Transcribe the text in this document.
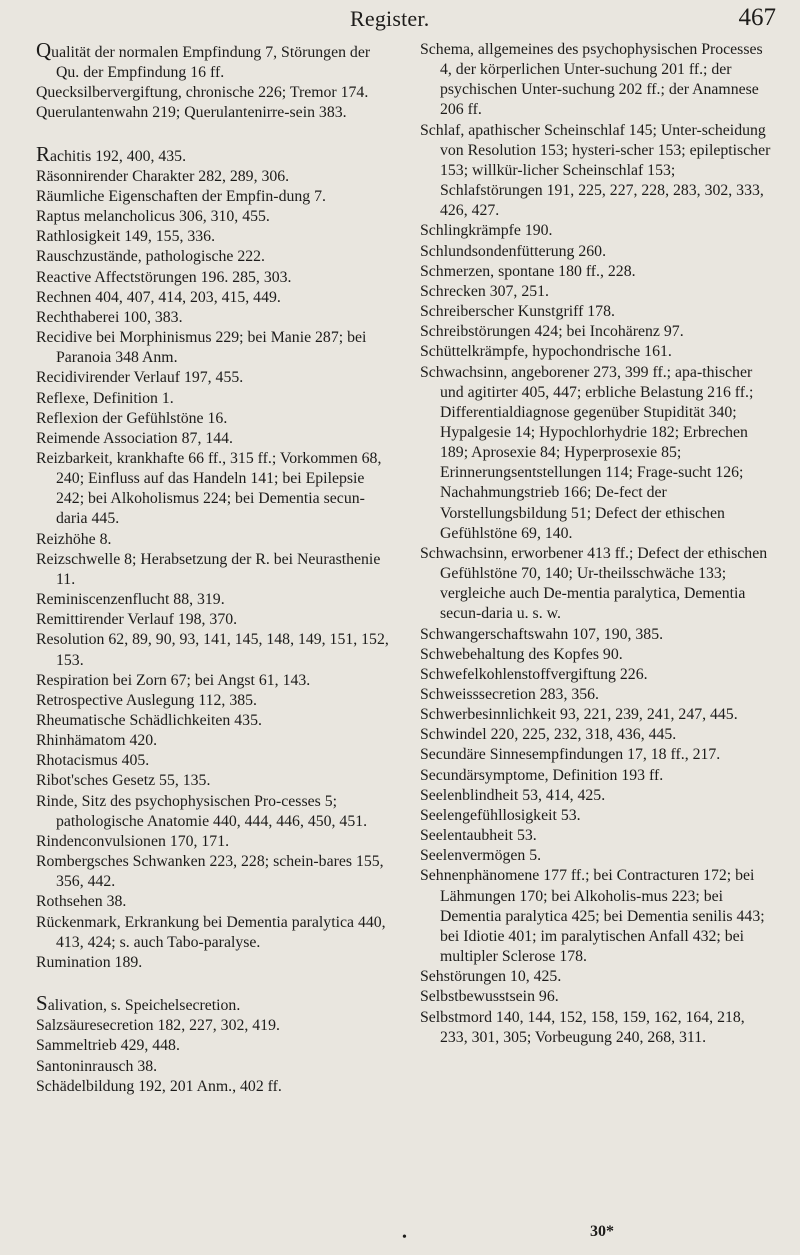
Register.	467

Qualität der normalen Empfindung 7, Störungen der Qu. der Empfindung 16 ff.

Quecksilbervergiftung, chronische 226; Tremor 174.

Querulantenwahn 219; Querulantenirre-sein 383.

Rachitis 192, 400, 435.

Räsonnirender Charakter 282, 289, 306.

Räumliche Eigenschaften der Empfin-dung 7.

Raptus melancholicus 306, 310, 455.

Rathlosigkeit 149, 155, 336.

Rauschzustände, pathologische 222.

Reactive Affectstörungen 196. 285, 303.

Rechnen 404, 407, 414, 203, 415, 449.

Rechthaberei 100, 383.

Recidive bei Morphinismus 229; bei Manie 287; bei Paranoia 348 Anm.

Recidivirender Verlauf 197, 455.

Reflexe, Definition 1.

Reflexion der Gefühlstöne 16.

Reimende Association 87, 144.

Reizbarkeit, krankhafte 66 ff., 315 ff.; Vorkommen 68, 240; Einfluss auf das Handeln 141; bei Epilepsie 242; bei Alkoholismus 224; bei Dementia secun-daria 445.

Reizhöhe 8.

Reizschwelle 8; Herabsetzung der R. bei Neurasthenie 11.

Reminiscenzenflucht 88, 319.

Remittirender Verlauf 198, 370.

Resolution 62, 89, 90, 93, 141, 145, 148, 149, 151, 152, 153.

Respiration bei Zorn 67; bei Angst 61, 143.

Retrospective Auslegung 112, 385.

Rheumatische Schädlichkeiten 435.

Rhinhämatom 420.

Rhotacismus 405.

Ribot'sches Gesetz 55, 135.

Rinde, Sitz des psychophysischen Pro-cesses 5; pathologische Anatomie 440, 444, 446, 450, 451.

Rindenconvulsionen 170, 171.

Rombergsches Schwanken 223, 228; schein-bares 155, 356, 442.

Rothsehen 38.

Rückenmark, Erkrankung bei Dementia paralytica 440, 413, 424; s. auch Tabo-paralyse.

Rumination 189.

Salivation, s. Speichelsecretion.

Salzsäuresecretion 182, 227, 302, 419.

Sammeltrieb 429, 448.

Santoninrausch 38.

Schädelbildung 192, 201 Anm., 402 ff.

Schema, allgemeines des psychophysischen Processes 4, der körperlichen Unter-suchung 201 ff.; der psychischen Unter-suchung 202 ff.; der Anamnese 206 ff.

Schlaf, apathischer Scheinschlaf 145; Unter-scheidung von Resolution 153; hysteri-scher 153; epileptischer 153; willkür-licher Scheinschlaf 153; Schlafstörungen 191, 225, 227, 228, 283, 302, 333, 426, 427.

Schlingkrämpfe 190.

Schlundsondenfütterung 260.

Schmerzen, spontane 180 ff., 228.

Schrecken 307, 251.

Schreiberscher Kunstgriff 178.

Schreibstörungen 424; bei Incohärenz 97.

Schüttelkrämpfe, hypochondrische 161.

Schwachsinn, angeborener 273, 399 ff.; apa-thischer und agitirter 405, 447; erbliche Belastung 216 ff.; Differentialdiagnose gegenüber Stupidität 340; Hypalgesie 14; Hypochlorhydrie 182; Erbrechen 189; Aprosexie 84; Hyperprosexie 85; Erinnerungsentstellungen 114; Frage-sucht 126; Nachahmungstrieb 166; De-fect der Vorstellungsbildung 51; Defect der ethischen Gefühlstöne 69, 140.

Schwachsinn, erworbener 413 ff.; Defect der ethischen Gefühlstöne 70, 140; Ur-theilsschwäche 133; vergleiche auch De-mentia paralytica, Dementia secun-daria u. s. w.

Schwangerschaftswahn 107, 190, 385.

Schwebehaltung des Kopfes 90.

Schwefelkohlenstoffvergiftung 226.

Schweisssecretion 283, 356.

Schwerbesinnlichkeit 93, 221, 239, 241, 247, 445.

Schwindel 220, 225, 232, 318, 436, 445.

Secundäre Sinnesempfindungen 17, 18 ff., 217.

Secundärsymptome, Definition 193 ff.

Seelenblindheit 53, 414, 425.

Seelengefühllosigkeit 53.

Seelentaubheit 53.

Seelenvermögen 5.

Sehnenphänomene 177 ff.; bei Contracturen 172; bei Lähmungen 170; bei Alkoholis-mus 223; bei Dementia paralytica 425; bei Dementia senilis 443; bei Idiotie 401; im paralytischen Anfall 432; bei multipler Sclerose 178.

Sehstörungen 10, 425.

Selbstbewusstsein 96.

Selbstmord 140, 144, 152, 158, 159, 162, 164, 218, 233, 301, 305; Vorbeugung 240, 268, 311.

•	30*
